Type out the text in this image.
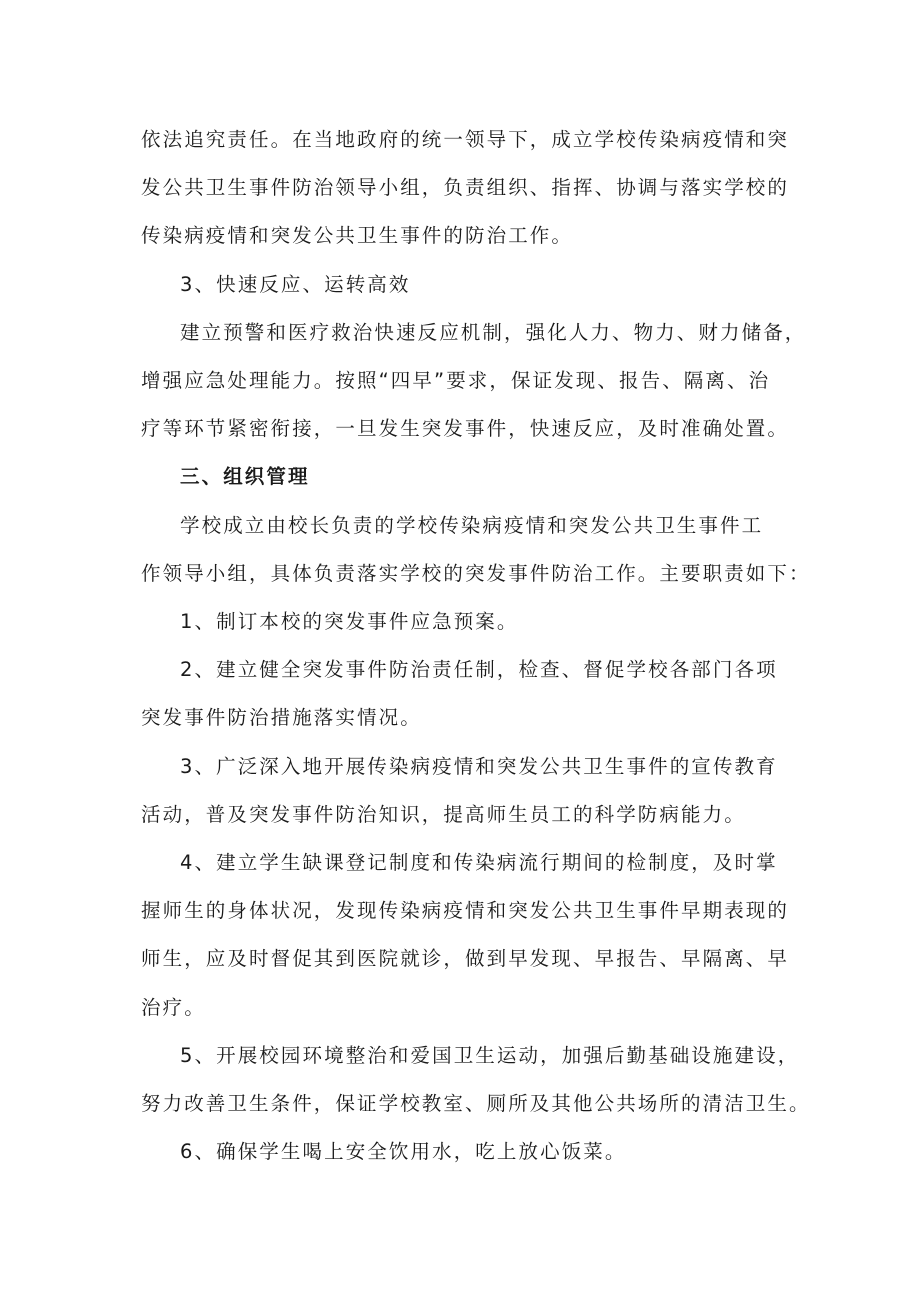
依法追究责任。在当地政府的统一领导下，成立学校传染病疫情和突
发公共卫生事件防治领导小组，负责组织、指挥、协调与落实学校的
传染病疫情和突发公共卫生事件的防治工作。
3、快速反应、运转高效
建立预警和医疗救治快速反应机制，强化人力、物力、财力储备，
增强应急处理能力。按照“四早”要求，保证发现、报告、隔离、治
疗等环节紧密衔接，一旦发生突发事件，快速反应，及时准确处置。
三、组织管理
学校成立由校长负责的学校传染病疫情和突发公共卫生事件工
作领导小组，具体负责落实学校的突发事件防治工作。主要职责如下：
1、制订本校的突发事件应急预案。
2、建立健全突发事件防治责任制，检查、督促学校各部门各项
突发事件防治措施落实情况。
3、广泛深入地开展传染病疫情和突发公共卫生事件的宣传教育
活动，普及突发事件防治知识，提高师生员工的科学防病能力。
4、建立学生缺课登记制度和传染病流行期间的检制度，及时掌
握师生的身体状况，发现传染病疫情和突发公共卫生事件早期表现的
师生，应及时督促其到医院就诊，做到早发现、早报告、早隔离、早
治疗。
5、开展校园环境整治和爱国卫生运动，加强后勤基础设施建设，
努力改善卫生条件，保证学校教室、厕所及其他公共场所的清洁卫生。
6、确保学生喝上安全饮用水，吃上放心饭菜。
